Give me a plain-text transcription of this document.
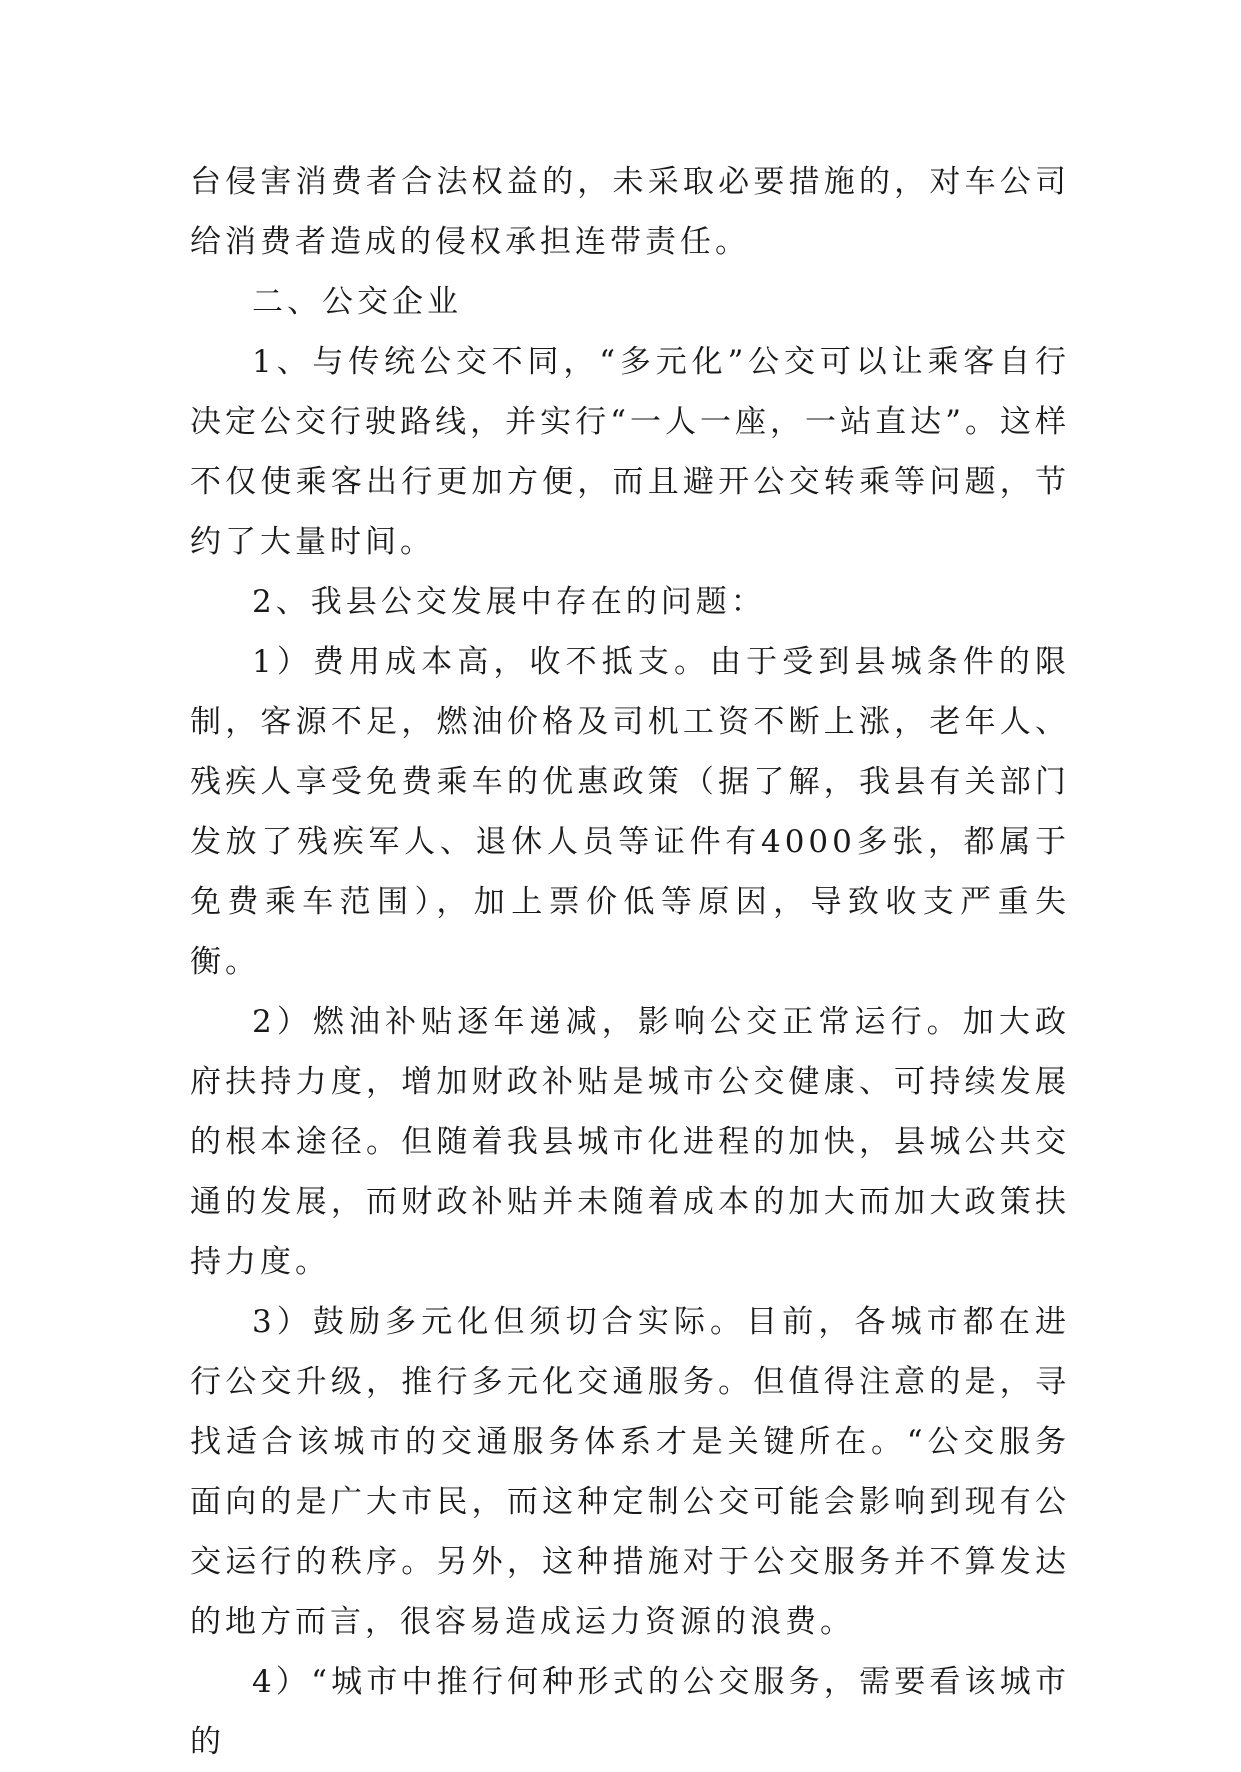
台侵害消费者合法权益的，未采取必要措施的，对车公司给消费者造成的侵权承担连带责任。

二、公交企业

1、与传统公交不同，“多元化”公交可以让乘客自行决定公交行驶路线，并实行“一人一座，一站直达”。这样不仅使乘客出行更加方便，而且避开公交转乘等问题，节约了大量时间。

2、我县公交发展中存在的问题：

1）费用成本高，收不抵支。由于受到县城条件的限制，客源不足，燃油价格及司机工资不断上涨，老年人、残疾人享受免费乘车的优惠政策（据了解，我县有关部门发放了残疾军人、退休人员等证件有4000多张，都属于免费乘车范围），加上票价低等原因，导致收支严重失衡。

2）燃油补贴逐年递减，影响公交正常运行。加大政府扶持力度，增加财政补贴是城市公交健康、可持续发展的根本途径。但随着我县城市化进程的加快，县城公共交通的发展，而财政补贴并未随着成本的加大而加大政策扶持力度。

3）鼓励多元化但须切合实际。目前，各城市都在进行公交升级，推行多元化交通服务。但值得注意的是，寻找适合该城市的交通服务体系才是关键所在。“公交服务面向的是广大市民，而这种定制公交可能会影响到现有公交运行的秩序。另外，这种措施对于公交服务并不算发达的地方而言，很容易造成运力资源的浪费。

4）“城市中推行何种形式的公交服务，需要看该城市的
